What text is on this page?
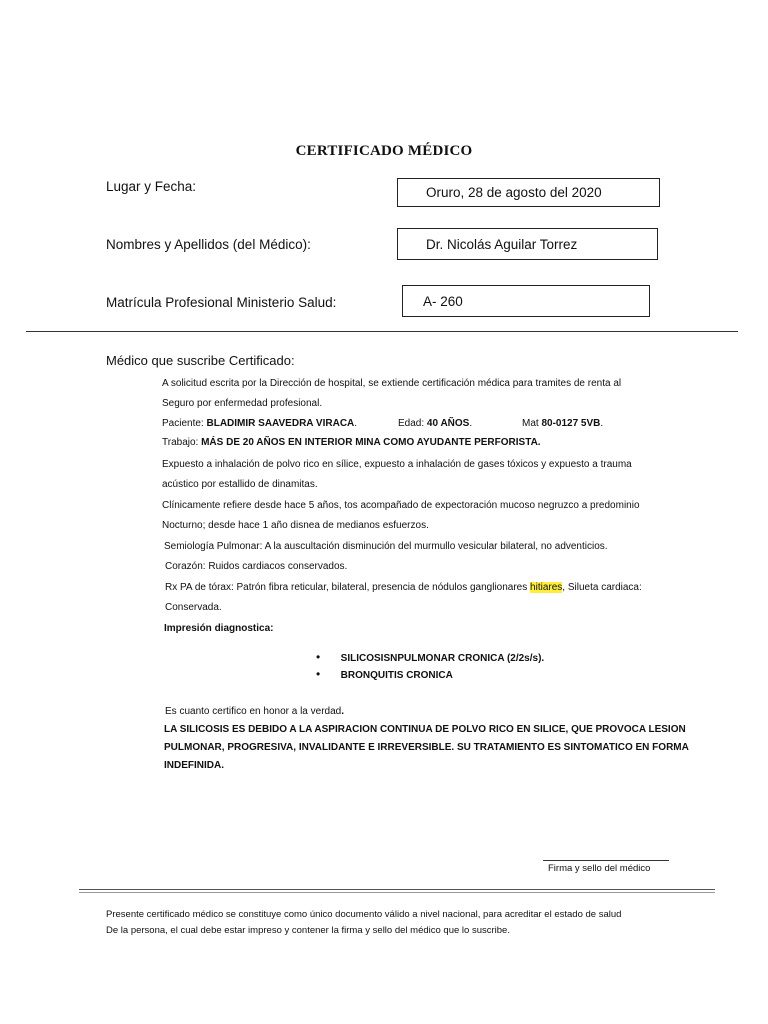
CERTIFICADO MÉDICO
Lugar y Fecha:	Oruro, 28 de agosto del 2020
Nombres y Apellidos (del Médico):	Dr. Nicolás Aguilar Torrez
Matrícula Profesional Ministerio Salud:	A- 260
Médico que suscribe Certificado:
A solicitud escrita por la Dirección de hospital, se extiende certificación médica para tramites de renta al
Seguro por enfermedad profesional.
Paciente: BLADIMIR SAAVEDRA VIRACA.	Edad: 40 AÑOS.	Mat 80-0127 5VB.
Trabajo: MÁS DE 20 AÑOS EN INTERIOR MINA COMO AYUDANTE PERFORISTA.
Expuesto a inhalación de polvo rico en sílice, expuesto a inhalación de gases tóxicos y expuesto a trauma
acústico por estallido de dinamitas.
Clínicamente refiere desde hace 5 años, tos acompañado de expectoración mucoso negruzco a predominio
Nocturno; desde hace 1 año disnea de medianos esfuerzos.
Semiología Pulmonar: A la auscultación disminución del murmullo vesicular bilateral, no adventicios.
Corazón: Ruidos cardiacos conservados.
Rx PA de tórax: Patrón fibra reticular, bilateral, presencia de nódulos ganglionares hitiares, Silueta cardiaca:
Conservada.
Impresión diagnostica:
• SILICOSISNPULMONAR CRONICA (2/2s/s).
• BRONQUITIS CRONICA
Es cuanto certifico en honor a la verdad.
LA SILICOSIS ES DEBIDO A LA ASPIRACION CONTINUA DE POLVO RICO EN SILICE, QUE PROVOCA LESION
PULMONAR, PROGRESIVA, INVALIDANTE E IRREVERSIBLE. SU TRATAMIENTO ES SINTOMATICO EN FORMA
INDEFINIDA.
Firma y sello del médico
Presente certificado médico se constituye como único documento válido a nivel nacional, para acreditar el estado de salud
De la persona, el cual debe estar impreso y contener la firma y sello del médico que lo suscribe.
